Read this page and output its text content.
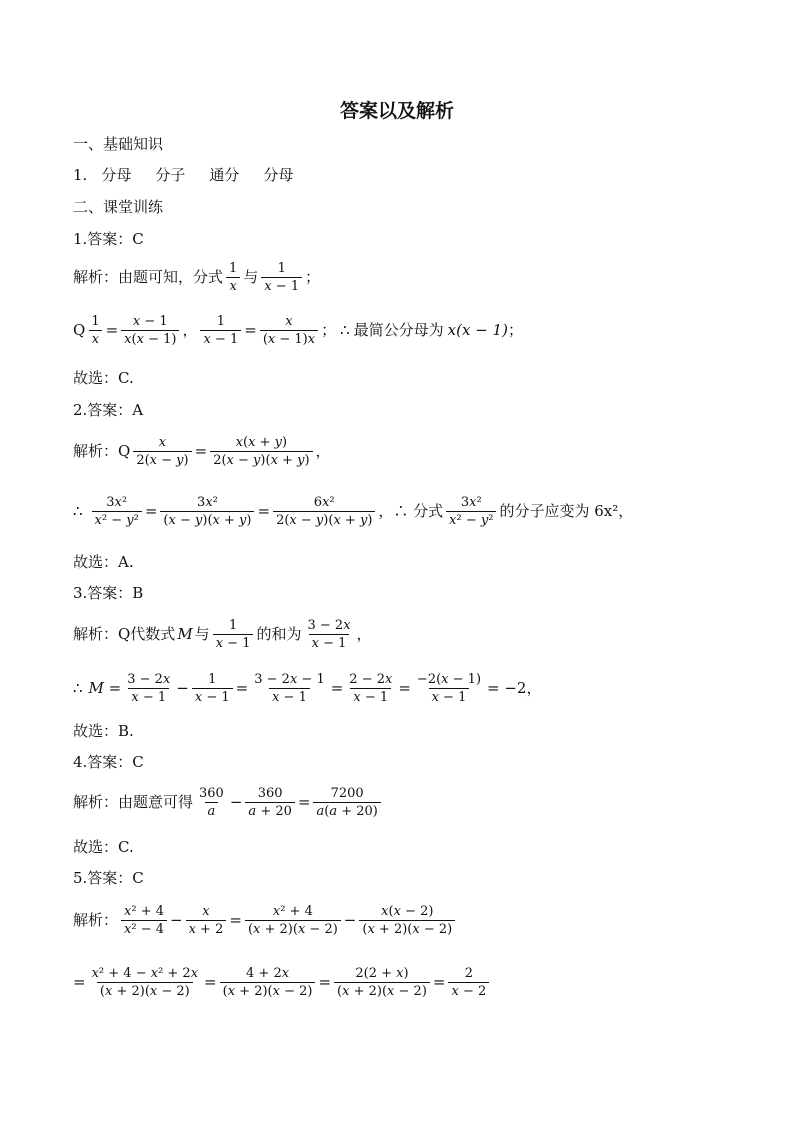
答案以及解析
一、基础知识
1. 分母 分子 通分 分母
二、课堂训练
1.答案：C
解析：由题可知，分式 $\frac{1}{x}$ 与 $\frac{1}{x - 1}$ ；
Q $\frac{1}{x} = \frac{x - 1}{x(x - 1)}$ ， $\frac{1}{x - 1} = \frac{x}{(x - 1)x}$ ； ∴ 最简公分母为 x(x − 1) ；
故选：C.
2.答案：A
解析：Q $\frac{x}{2(x - y)} = \frac{x(x + y)}{2(x - y)(x + y)}$ ，
∴ $\frac{\text{3x²}}{\text{x² − y²}} = \frac{\text{3x²}}{(x - y)(x + y)} = \frac{\text{6x²}}{2(x - y)(x + y)}$ ，∴ 分式 $\frac{\text{3x²}}{\text{x² − y²}}$ 的分子应变为 6x²，
故选：A.
3.答案：B
解析：Q代数式 M 与 $\frac{1}{x - 1}$ 的和为 $\frac{3 - 2x}{x - 1}$ ，
∴ $M = \frac{3 - 2x}{x - 1} - \frac{1}{x - 1} = \frac{3 - 2x - 1}{x - 1} = \frac{2 - 2x}{x - 1} = \frac{-2(x - 1)}{x - 1} = -2$，
故选：B.
4.答案：C
解析：由题意可得 $\frac{360}{a} - \frac{360}{a + 20} = \frac{7200}{a(a + 20)}$
故选：C.
5.答案：C
解析： $\frac{\text{x² + 4}}{\text{x² − 4}} - \frac{x}{x + 2} = \frac{\text{x² + 4}}{(x + 2)(x - 2)} - \frac{x(x - 2)}{(x + 2)(x - 2)}$
= $\frac{\text{x² + 4 − x² + 2x}}{(x + 2)(x - 2)} = \frac{4 + 2x}{(x + 2)(x - 2)} = \frac{2(2 + x)}{(x + 2)(x - 2)} = \frac{2}{x - 2}$
